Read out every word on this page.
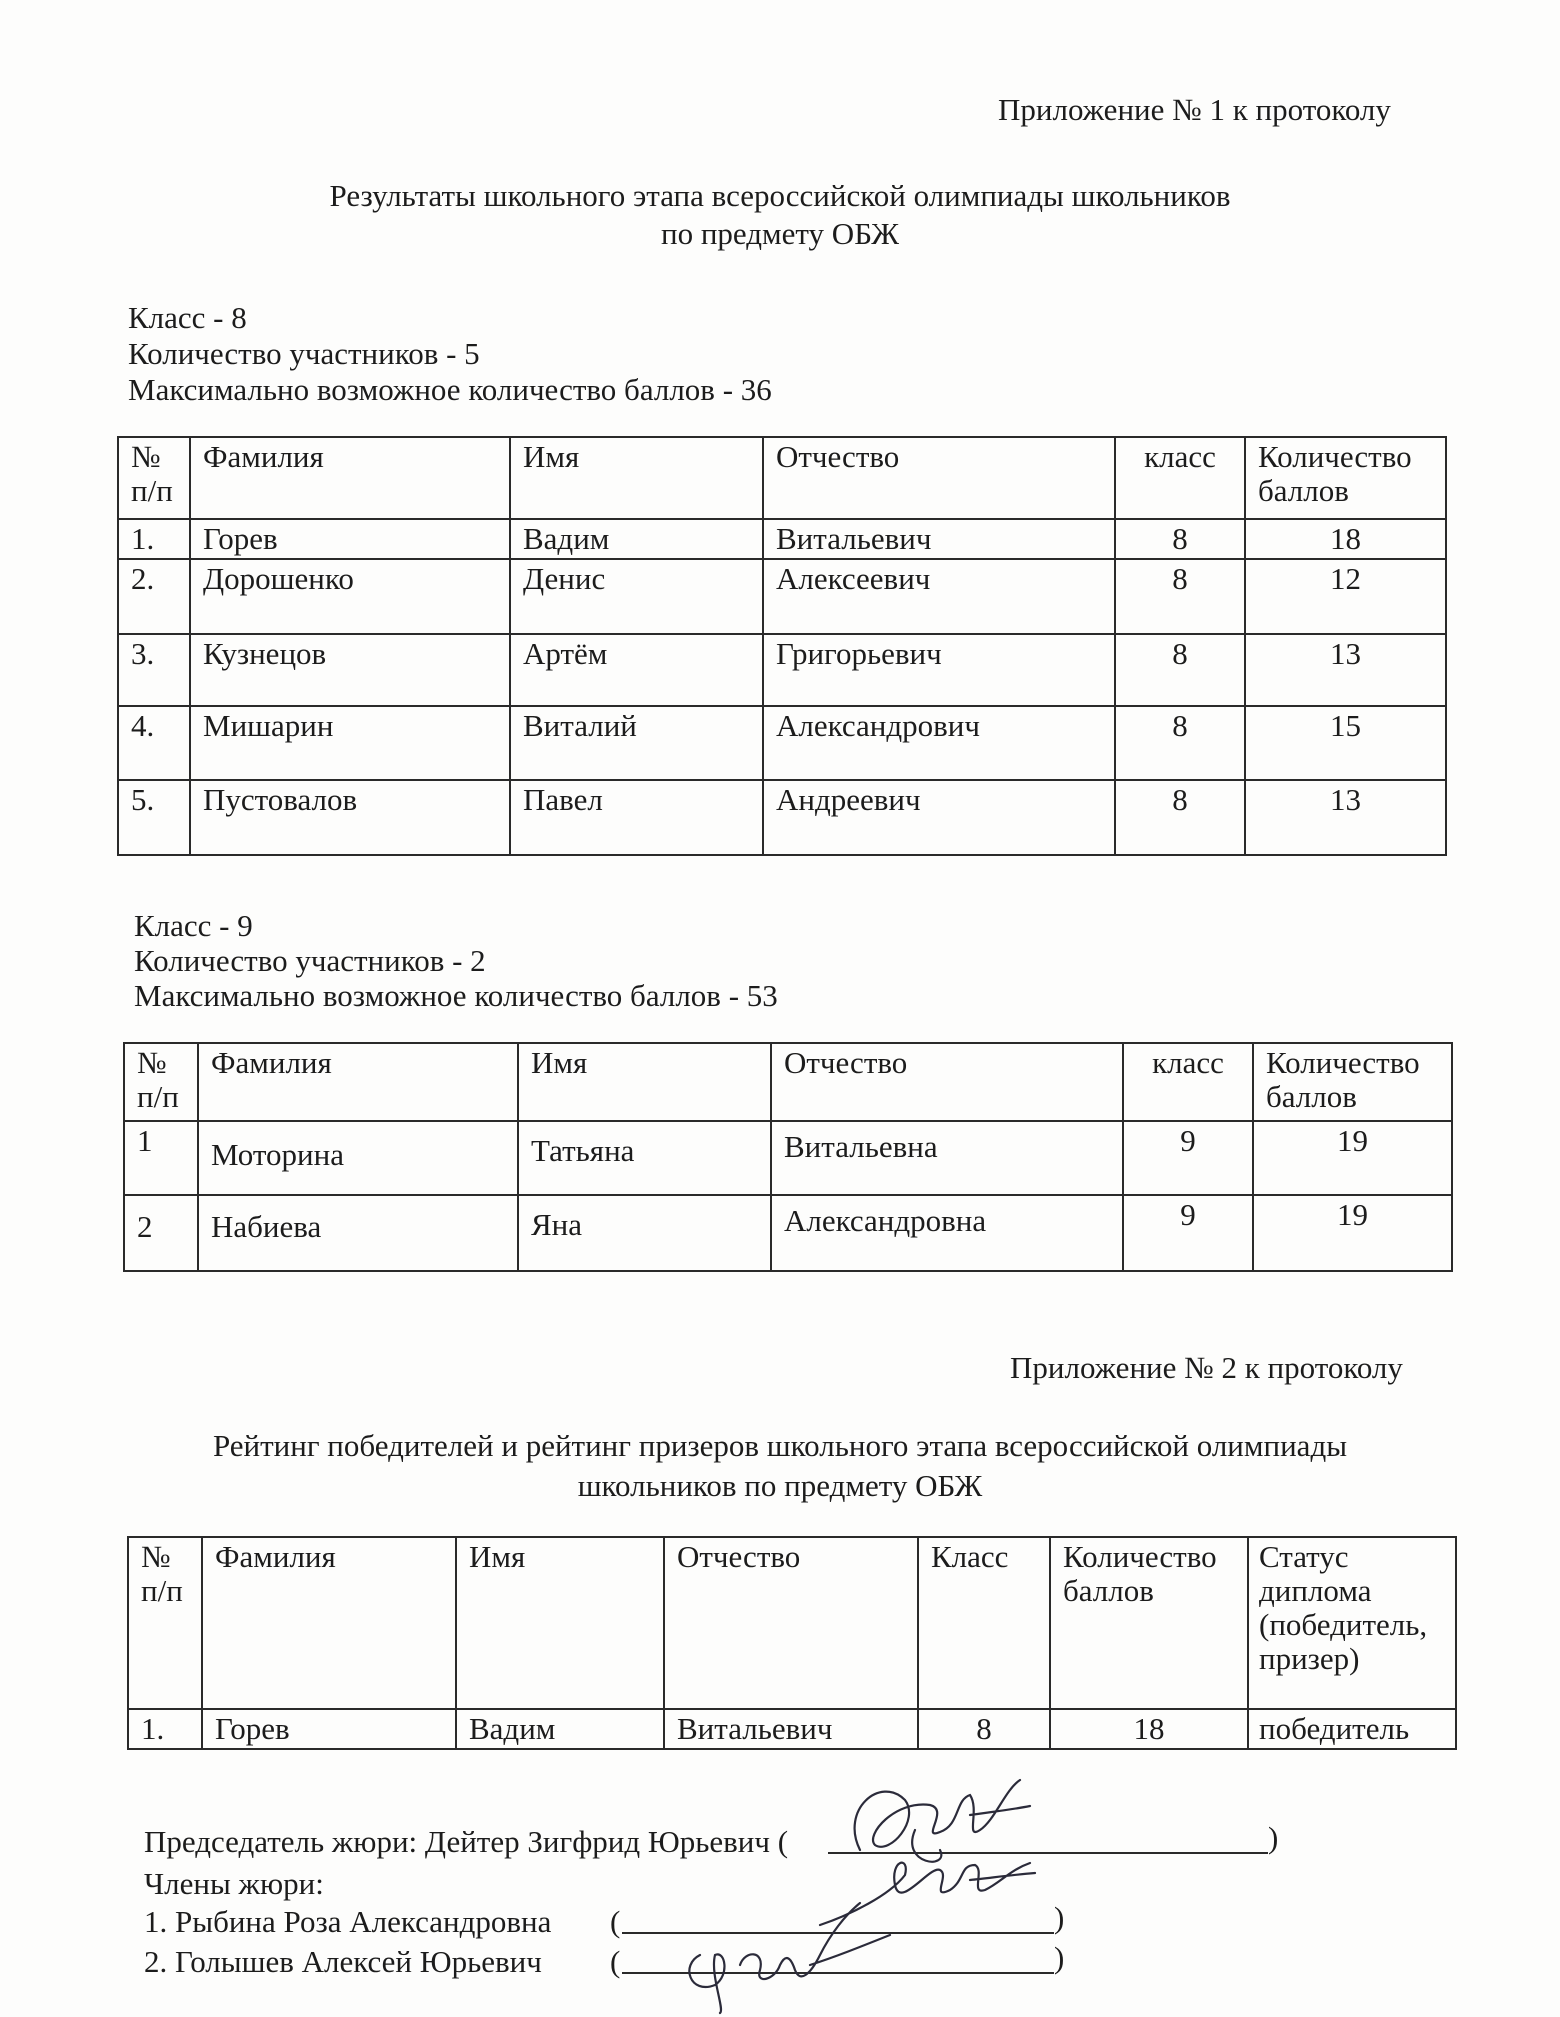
Приложение № 1 к протоколу
Результаты школьного этапа всероссийской олимпиады школьников
по предмету ОБЖ
Класс - 8
Количество участников - 5
Максимально возможное количество баллов - 36
№ п/п	Фамилия	Имя	Отчество	класс	Количество баллов
1.	Горев	Вадим	Витальевич	8	18
2.	Дорошенко	Денис	Алексеевич	8	12
3.	Кузнецов	Артём	Григорьевич	8	13
4.	Мишарин	Виталий	Александрович	8	15
5.	Пустовалов	Павел	Андреевич	8	13
Класс - 9
Количество участников - 2
Максимально возможное количество баллов - 53
№ п/п	Фамилия	Имя	Отчество	класс	Количество баллов
1	Моторина	Татьяна	Витальевна	9	19
2	Набиева	Яна	Александровна	9	19
Приложение № 2 к протоколу
Рейтинг победителей и рейтинг призеров школьного этапа всероссийской олимпиады
школьников по предмету ОБЖ
№ п/п	Фамилия	Имя	Отчество	Класс	Количество баллов	Статус диплома (победитель, призер)
1.	Горев	Вадим	Витальевич	8	18	победитель
Председатель жюри: Дейтер Зигфрид Юрьевич (	)
Члены жюри:
1. Рыбина Роза Александровна (	)
2. Голышев Алексей Юрьевич (	)
